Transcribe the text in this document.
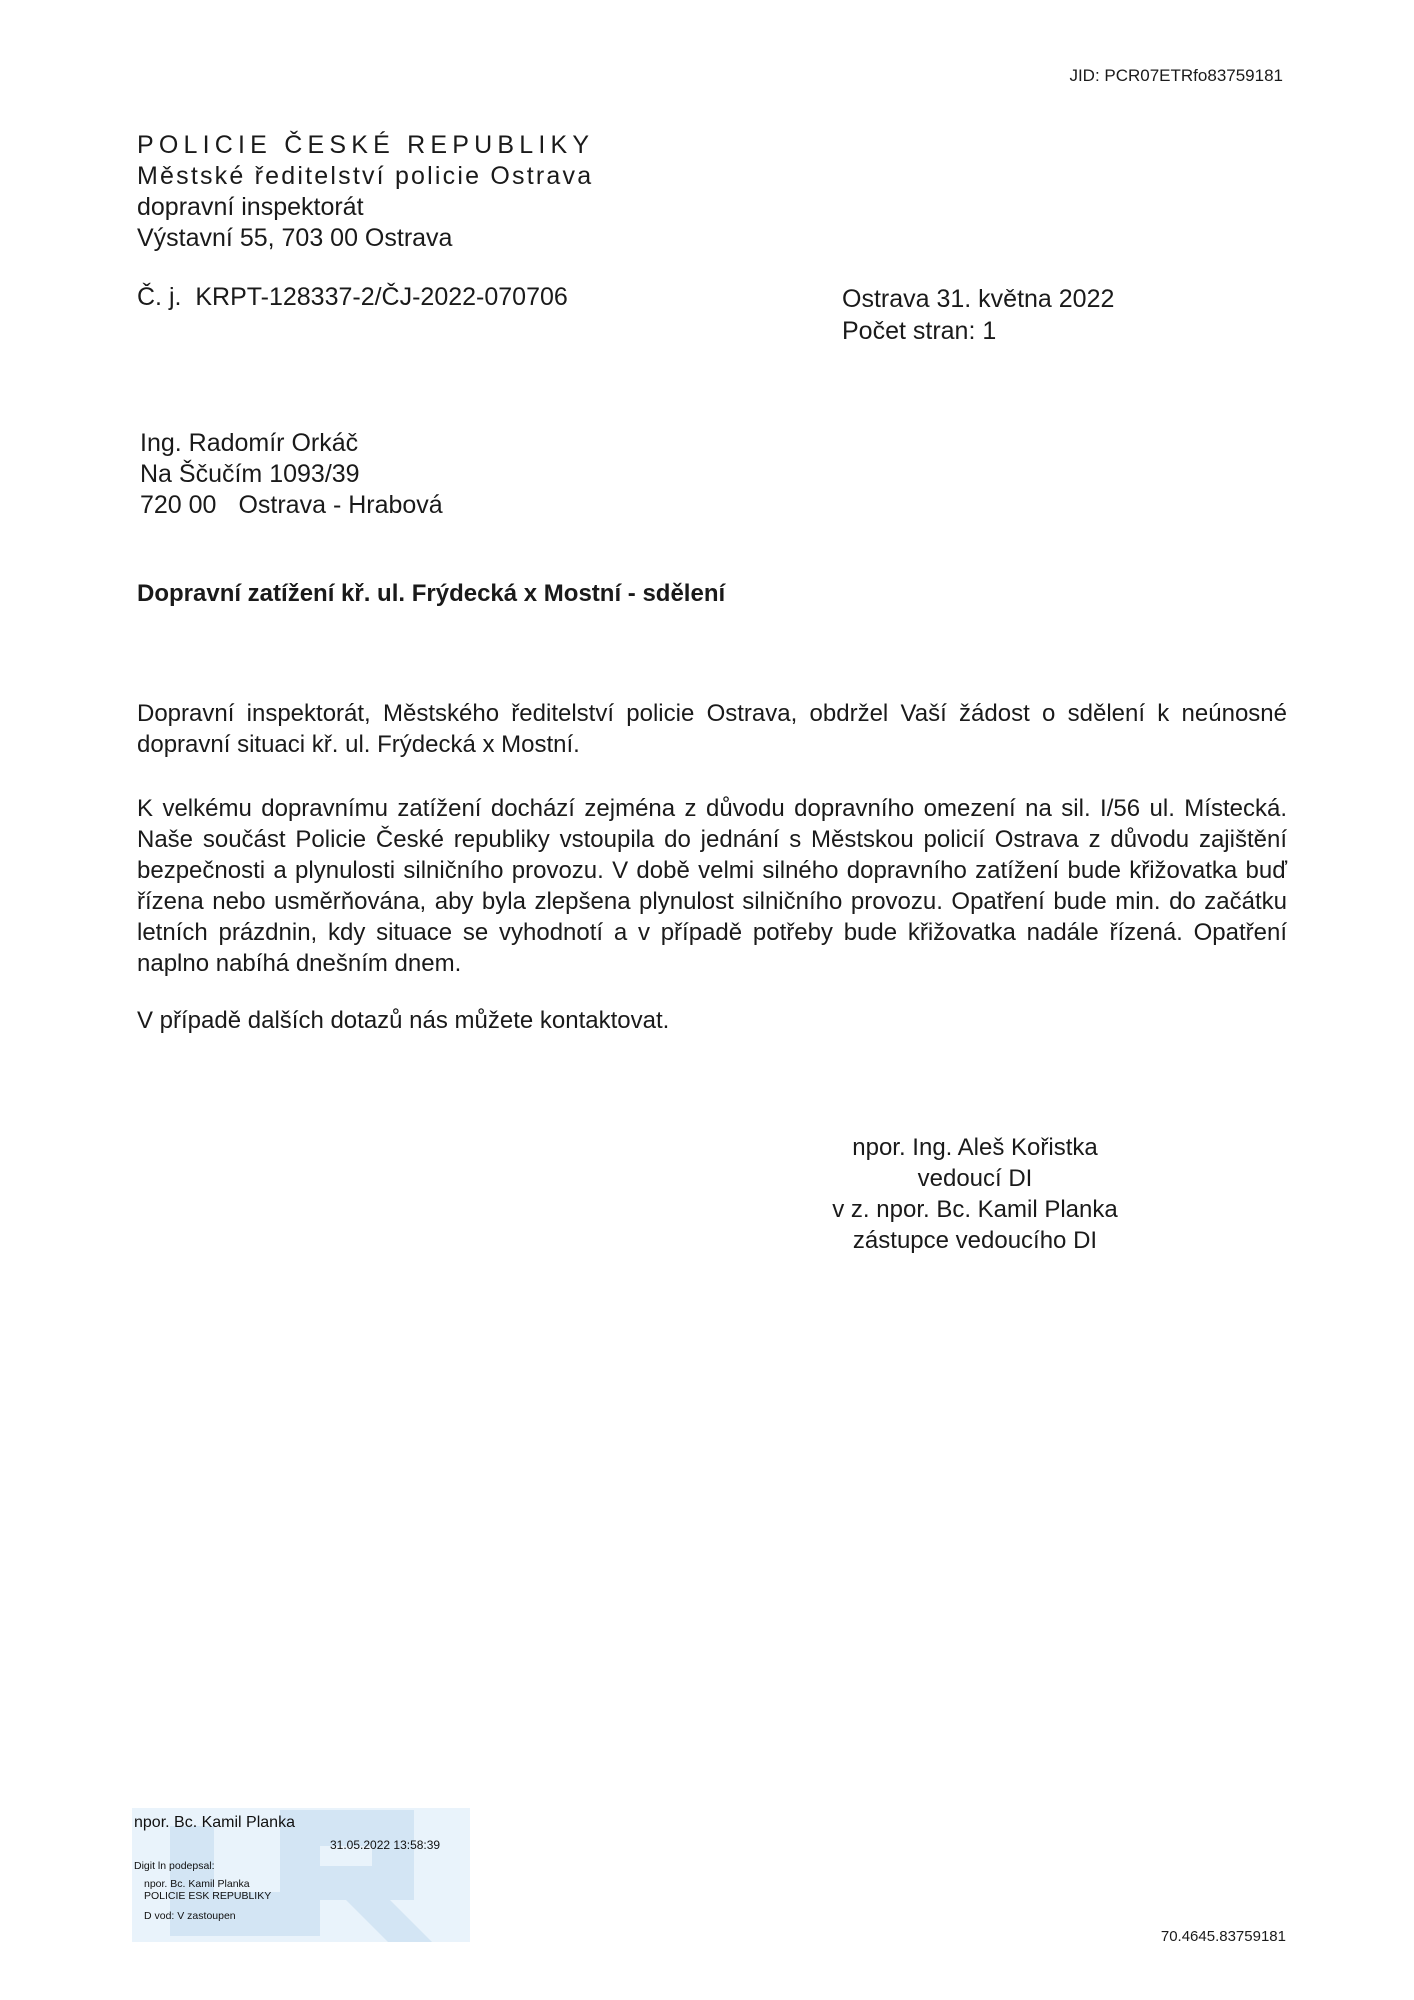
JID: PCR07ETRfo83759181
POLICIE ČESKÉ REPUBLIKY
Městské ředitelství policie Ostrava
dopravní inspektorát
Výstavní 55, 703 00 Ostrava
Č. j.  KRPT-128337-2/ČJ-2022-070706	Ostrava 31. května 2022
Počet stran: 1
Ing. Radomír Orkáč
Na Ščučím 1093/39
720 00 Ostrava - Hrabová
Dopravní zatížení kř. ul. Frýdecká x Mostní - sdělení
Dopravní inspektorát, Městského ředitelství policie Ostrava, obdržel Vaší žádost o sdělení k neúnosné dopravní situaci kř. ul. Frýdecká x Mostní.
K velkému dopravnímu zatížení dochází zejména z důvodu dopravního omezení na sil. I/56 ul. Místecká. Naše součást Policie České republiky vstoupila do jednání s Městskou policií Ostrava z důvodu zajištění bezpečnosti a plynulosti silničního provozu. V době velmi silného dopravního zatížení bude křižovatka buď řízena nebo usměrňována, aby byla zlepšena plynulost silničního provozu. Opatření bude min. do začátku letních prázdnin, kdy situace se vyhodnotí a v případě potřeby bude křižovatka nadále řízená. Opatření naplno nabíhá dnešním dnem.
V případě dalších dotazů nás můžete kontaktovat.
npor. Ing. Aleš Kořistka
vedoucí DI
v z. npor. Bc. Kamil Planka
zástupce vedoucího DI
npor. Bc. Kamil Planka
31.05.2022 13:58:39
Digit ln podepsal:
npor. Bc. Kamil Planka
POLICIE ESK REPUBLIKY
D vod: V zastoupen
70.4645.83759181
